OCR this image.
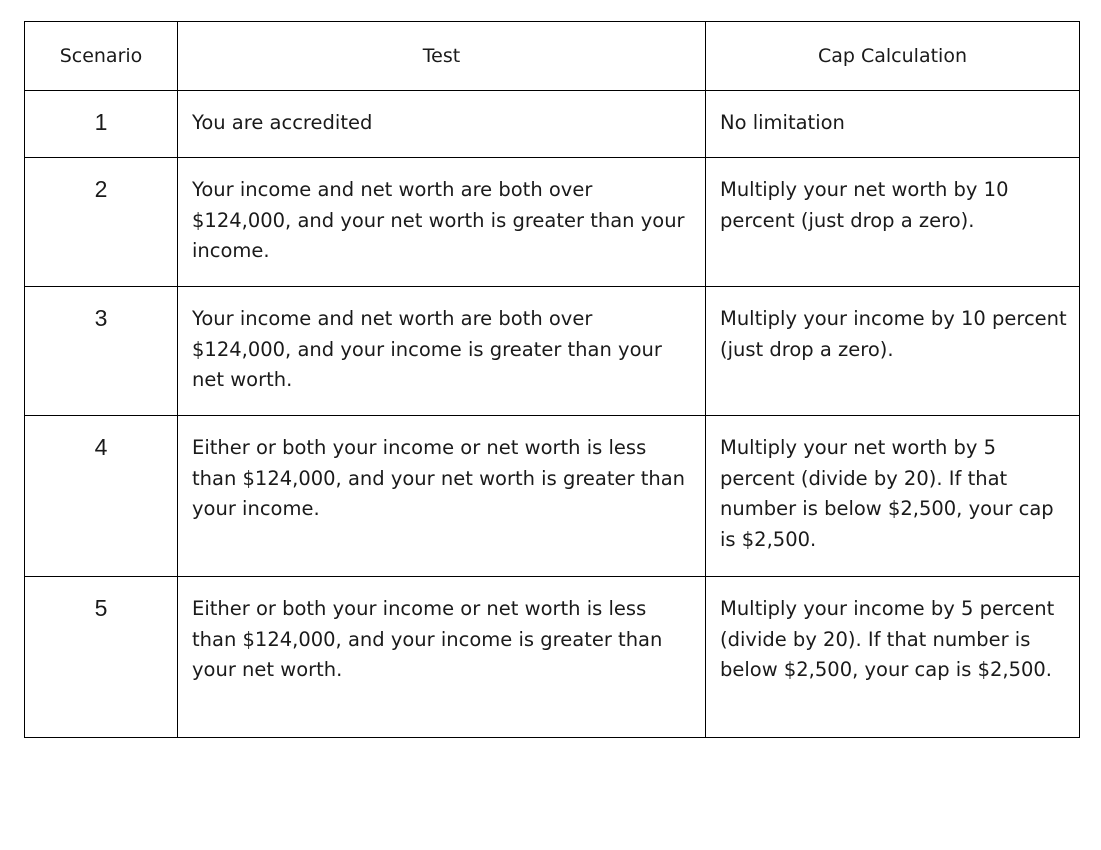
Scenario	Test	Cap Calculation
1	You are accredited	No limitation
2	Your income and net worth are both over $124,000, and your net worth is greater than your income.	Multiply your net worth by 10 percent (just drop a zero).
3	Your income and net worth are both over $124,000, and your income is greater than your net worth.	Multiply your income by 10 percent (just drop a zero).
4	Either or both your income or net worth is less than $124,000, and your net worth is greater than your income.	Multiply your net worth by 5 percent (divide by 20). If that number is below $2,500, your cap is $2,500.
5	Either or both your income or net worth is less than $124,000, and your income is greater than your net worth.	Multiply your income by 5 percent (divide by 20). If that number is below $2,500, your cap is $2,500.
